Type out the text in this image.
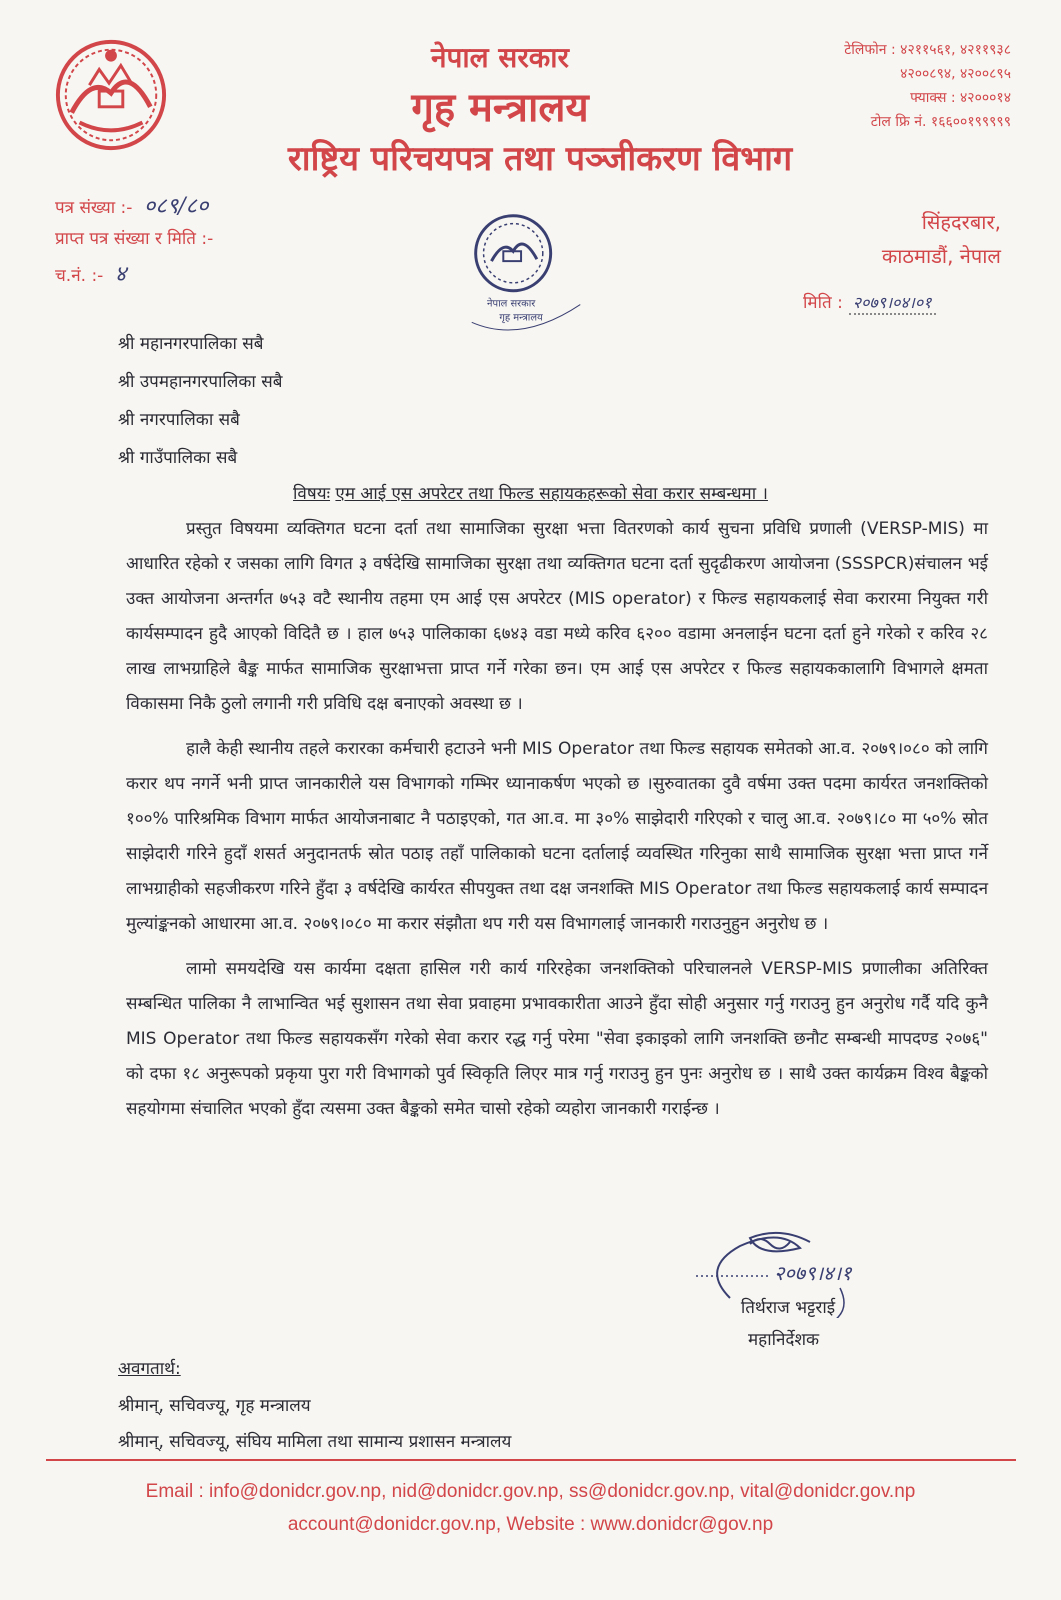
नेपाल सरकार
गृह मन्त्रालय
राष्ट्रिय परिचयपत्र तथा पञ्जीकरण विभाग
टेलिफोन : ४२११५६१, ४२११९३८
४२००८९४, ४२००८९५
फ्याक्स : ४२०००१४
टोल फ्रि नं. १६६००१९९९९९
पत्र संख्या :- ०८९/८०
प्राप्त पत्र संख्या र मिति :-
च.नं. :- ४
नेपाल सरकार
गृह मन्त्रालय
सिंहदरबार,
काठमाडौं, नेपाल
मिति : २०७९।०४।०१
श्री महानगरपालिका सबै
श्री उपमहानगरपालिका सबै
श्री नगरपालिका सबै
श्री गाउँपालिका सबै
विषयः एम आई एस अपरेटर तथा फिल्ड सहायकहरूको सेवा करार सम्बन्धमा ।

प्रस्तुत विषयमा व्यक्तिगत घटना दर्ता तथा सामाजिका सुरक्षा भत्ता वितरणको कार्य सुचना प्रविधि प्रणाली (VERSP-MIS) मा आधारित रहेको र जसका लागि विगत ३ वर्षदेखि सामाजिका सुरक्षा तथा व्यक्तिगत घटना दर्ता सुदृढीकरण आयोजना (SSSPCR)संचालन भई उक्त आयोजना अन्तर्गत ७५३ वटै स्थानीय तहमा एम आई एस अपरेटर (MIS operator) र फिल्ड सहायकलाई सेवा करारमा नियुक्त गरी कार्यसम्पादन हुदै आएको विदितै छ । हाल ७५३ पालिकाका ६७४३ वडा मध्ये करिव ६२०० वडामा अनलाईन घटना दर्ता हुने गरेको र करिव २८ लाख लाभग्राहिले बैङ्क मार्फत सामाजिक सुरक्षाभत्ता प्राप्त गर्ने गरेका छन। एम आई एस अपरेटर र फिल्ड सहायककालागि विभागले क्षमता विकासमा निकै ठुलो लगानी गरी प्रविधि दक्ष बनाएको अवस्था छ ।

हालै केही स्थानीय तहले करारका कर्मचारी हटाउने भनी MIS Operator तथा फिल्ड सहायक समेतको आ.व. २०७९।०८० को लागि करार थप नगर्ने भनी प्राप्त जानकारीले यस विभागको गम्भिर ध्यानाकर्षण भएको छ ।सुरुवातका दुवै वर्षमा उक्त पदमा कार्यरत जनशक्तिको १००% पारिश्रमिक विभाग मार्फत आयोजनाबाट नै पठाइएको, गत आ.व. मा ३०% साझेदारी गरिएको र चालु आ.व. २०७९।८० मा ५०% स्रोत साझेदारी गरिने हुदाँ शसर्त अनुदानतर्फ स्रोत पठाइ तहाँ पालिकाको घटना दर्तालाई व्यवस्थित गरिनुका साथै सामाजिक सुरक्षा भत्ता प्राप्त गर्ने लाभग्राहीको सहजीकरण गरिने हुँदा ३ वर्षदेखि कार्यरत सीपयुक्त तथा दक्ष जनशक्ति MIS Operator तथा फिल्ड सहायकलाई कार्य सम्पादन मुल्यांङ्कनको आधारमा आ.व. २०७९।०८० मा करार संझौता थप गरी यस विभागलाई जानकारी गराउनुहुन अनुरोध छ ।

लामो समयदेखि यस कार्यमा दक्षता हासिल गरी कार्य गरिरहेका जनशक्तिको परिचालनले VERSP-MIS प्रणालीका अतिरिक्त सम्बन्धित पालिका नै लाभान्वित भई सुशासन तथा सेवा प्रवाहमा प्रभावकारीता आउने हुँदा सोही अनुसार गर्नु गराउनु हुन अनुरोध गर्दै यदि कुनै MIS Operator तथा फिल्ड सहायकसँग गरेको सेवा करार रद्ध गर्नु परेमा "सेवा इकाइको लागि जनशक्ति छनौट सम्बन्धी मापदण्ड २०७६" को दफा १८ अनुरूपको प्रकृया पुरा गरी विभागको पुर्व स्विकृति लिएर मात्र गर्नु गराउनु हुन पुनः अनुरोध छ । साथै उक्त कार्यक्रम विश्व बैङ्कको सहयोगमा संचालित भएको हुँदा त्यसमा उक्त बैङ्कको समेत चासो रहेको व्यहोरा जानकारी गराईन्छ ।

२०७९।४।१
तिर्थराज भट्टराई
महानिर्देशक
अवगतार्थ:
श्रीमान्, सचिवज्यू, गृह मन्त्रालय
श्रीमान्, सचिवज्यू, संघिय मामिला तथा सामान्य प्रशासन मन्त्रालय
Email : info@donidcr.gov.np, nid@donidcr.gov.np, ss@donidcr.gov.np, vital@donidcr.gov.np
account@donidcr.gov.np, Website : www.donidcr@gov.np
